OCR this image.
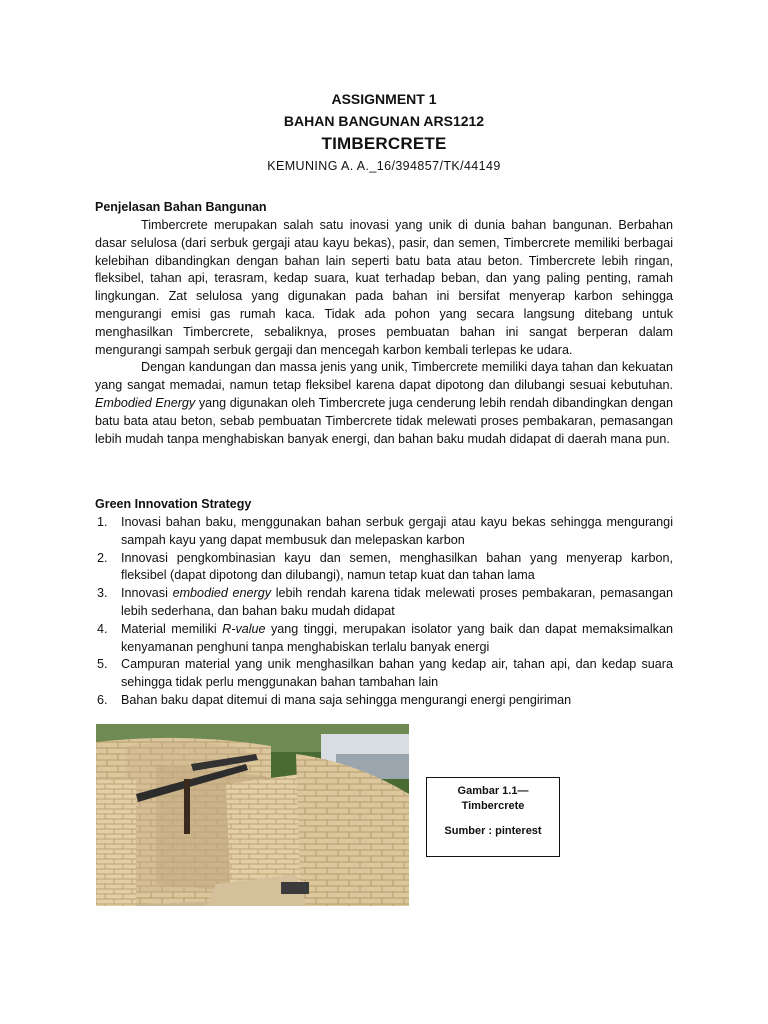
ASSIGNMENT 1
BAHAN BANGUNAN ARS1212
TIMBERCRETE
KEMUNING A. A._16/394857/TK/44149
Penjelasan Bahan Bangunan

Timbercrete merupakan salah satu inovasi yang unik di dunia bahan bangunan. Berbahan dasar selulosa (dari serbuk gergaji atau kayu bekas), pasir, dan semen, Timbercrete memiliki berbagai kelebihan dibandingkan dengan bahan lain seperti batu bata atau beton. Timbercrete lebih ringan, fleksibel, tahan api, terasram, kedap suara, kuat terhadap beban, dan yang paling penting, ramah lingkungan. Zat selulosa yang digunakan pada bahan ini bersifat menyerap karbon sehingga mengurangi emisi gas rumah kaca. Tidak ada pohon yang secara langsung ditebang untuk menghasilkan Timbercrete, sebaliknya, proses pembuatan bahan ini sangat berperan dalam mengurangi sampah serbuk gergaji dan mencegah karbon kembali terlepas ke udara.

Dengan kandungan dan massa jenis yang unik, Timbercrete memiliki daya tahan dan kekuatan yang sangat memadai, namun tetap fleksibel karena dapat dipotong dan dilubangi sesuai kebutuhan. Embodied Energy yang digunakan oleh Timbercrete juga cenderung lebih rendah dibandingkan dengan batu bata atau beton, sebab pembuatan Timbercrete tidak melewati proses pembakaran, pemasangan lebih mudah tanpa menghabiskan banyak energi, dan bahan baku mudah didapat di daerah mana pun.

Green Innovation Strategy
1. Inovasi bahan baku, menggunakan bahan serbuk gergaji atau kayu bekas sehingga mengurangi sampah kayu yang dapat membusuk dan melepaskan karbon
2. Innovasi pengkombinasian kayu dan semen, menghasilkan bahan yang menyerap karbon, fleksibel (dapat dipotong dan dilubangi), namun tetap kuat dan tahan lama
3. Innovasi embodied energy lebih rendah karena tidak melewati proses pembakaran, pemasangan lebih sederhana, dan bahan baku mudah didapat
4. Material memiliki R-value yang tinggi, merupakan isolator yang baik dan dapat memaksimalkan kenyamanan penghuni tanpa menghabiskan terlalu banyak energi
5. Campuran material yang unik menghasilkan bahan yang kedap air, tahan api, dan kedap suara sehingga tidak perlu menggunakan bahan tambahan lain
6. Bahan baku dapat ditemui di mana saja sehingga mengurangi energi pengiriman
Gambar 1.1— Timbercrete
Sumber : pinterest
